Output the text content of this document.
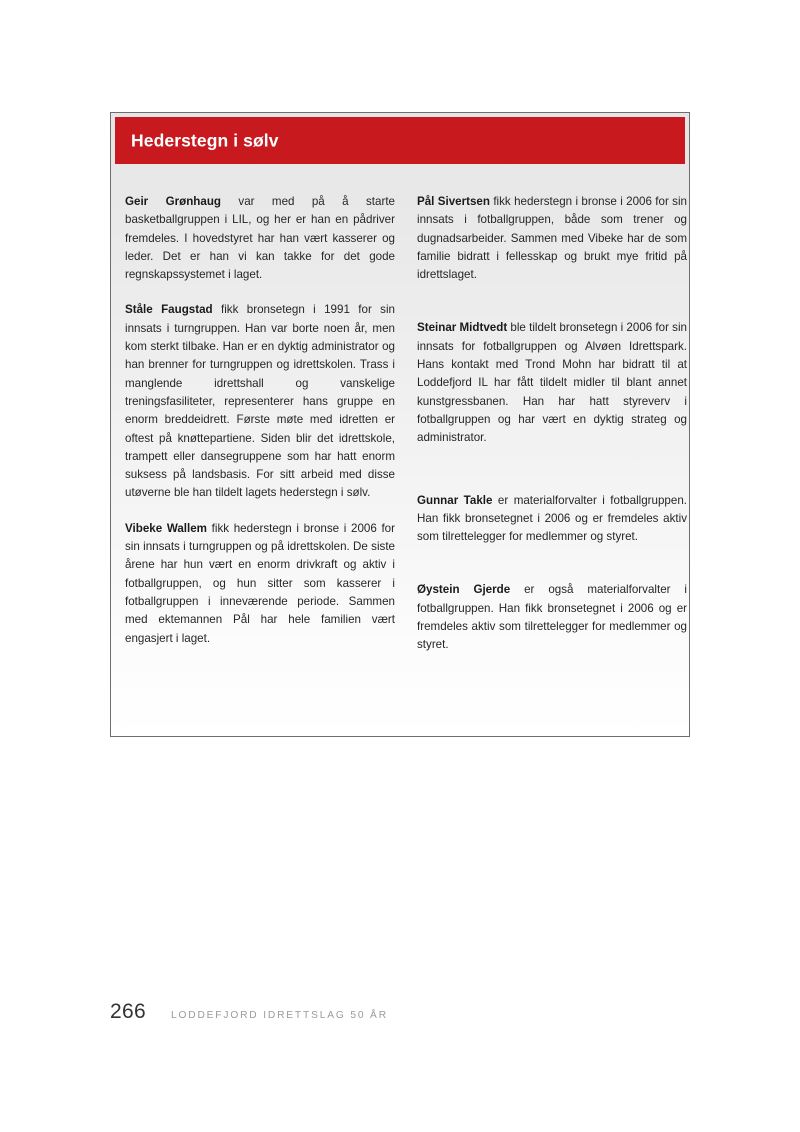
Hederstegn i sølv

Geir Grønhaug var med på å starte basketballgruppen i LIL, og her er han en pådriver fremdeles. I hovedstyret har han vært kasserer og leder. Det er han vi kan takke for det gode regnskapssystemet i laget.

Ståle Faugstad fikk bronsetegn i 1991 for sin innsats i turngruppen. Han var borte noen år, men kom sterkt tilbake. Han er en dyktig administrator og han brenner for turngruppen og idrettskolen. Trass i manglende idrettshall og vanskelige treningsfasiliteter, representerer hans gruppe en enorm breddeidrett. Første møte med idretten er oftest på knøttepartiene. Siden blir det idrettskole, trampett eller dansegruppene som har hatt enorm suksess på landsbasis. For sitt arbeid med disse utøverne ble han tildelt lagets hederstegn i sølv.

Vibeke Wallem fikk hederstegn i bronse i 2006 for sin innsats i turngruppen og på idrettskolen. De siste årene har hun vært en enorm drivkraft og aktiv i fotballgruppen, og hun sitter som kasserer i fotballgruppen i inneværende periode. Sammen med ektemannen Pål har hele familien vært engasjert i laget.

Pål Sivertsen fikk hederstegn i bronse i 2006 for sin innsats i fotballgruppen, både som trener og dugnadsarbeider. Sammen med Vibeke har de som familie bidratt i fellesskap og brukt mye fritid på idrettslaget.

Steinar Midtvedt ble tildelt bronsetegn i 2006 for sin innsats for fotballgruppen og Alvøen Idrettspark. Hans kontakt med Trond Mohn har bidratt til at Loddefjord IL har fått tildelt midler til blant annet kunstgressbanen. Han har hatt styreverv i fotballgruppen og har vært en dyktig strateg og administrator.

Gunnar Takle er materialforvalter i fotballgruppen. Han fikk bronsetegnet i 2006 og er fremdeles aktiv som tilrettelegger for medlemmer og styret.

Øystein Gjerde er også materialforvalter i fotballgruppen. Han fikk bronsetegnet i 2006 og er fremdeles aktiv som tilrettelegger for medlemmer og styret.

266 LODDEFJORD IDRETTSLAG 50 ÅR
